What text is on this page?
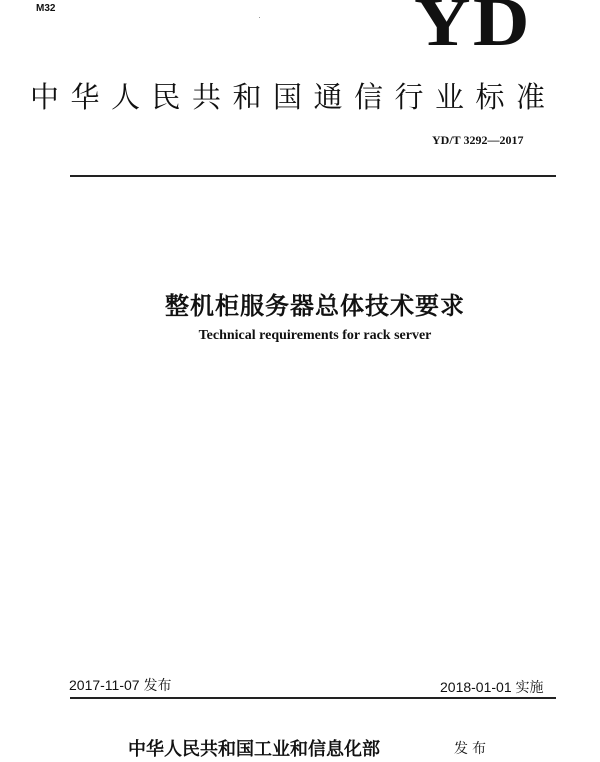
M32	YD
中华人民共和国通信行业标准
YD/T 3292—2017
整机柜服务器总体技术要求
Technical requirements for rack server
2017-11-07 发布	2018-01-01 实施
中华人民共和国工业和信息化部	发布
